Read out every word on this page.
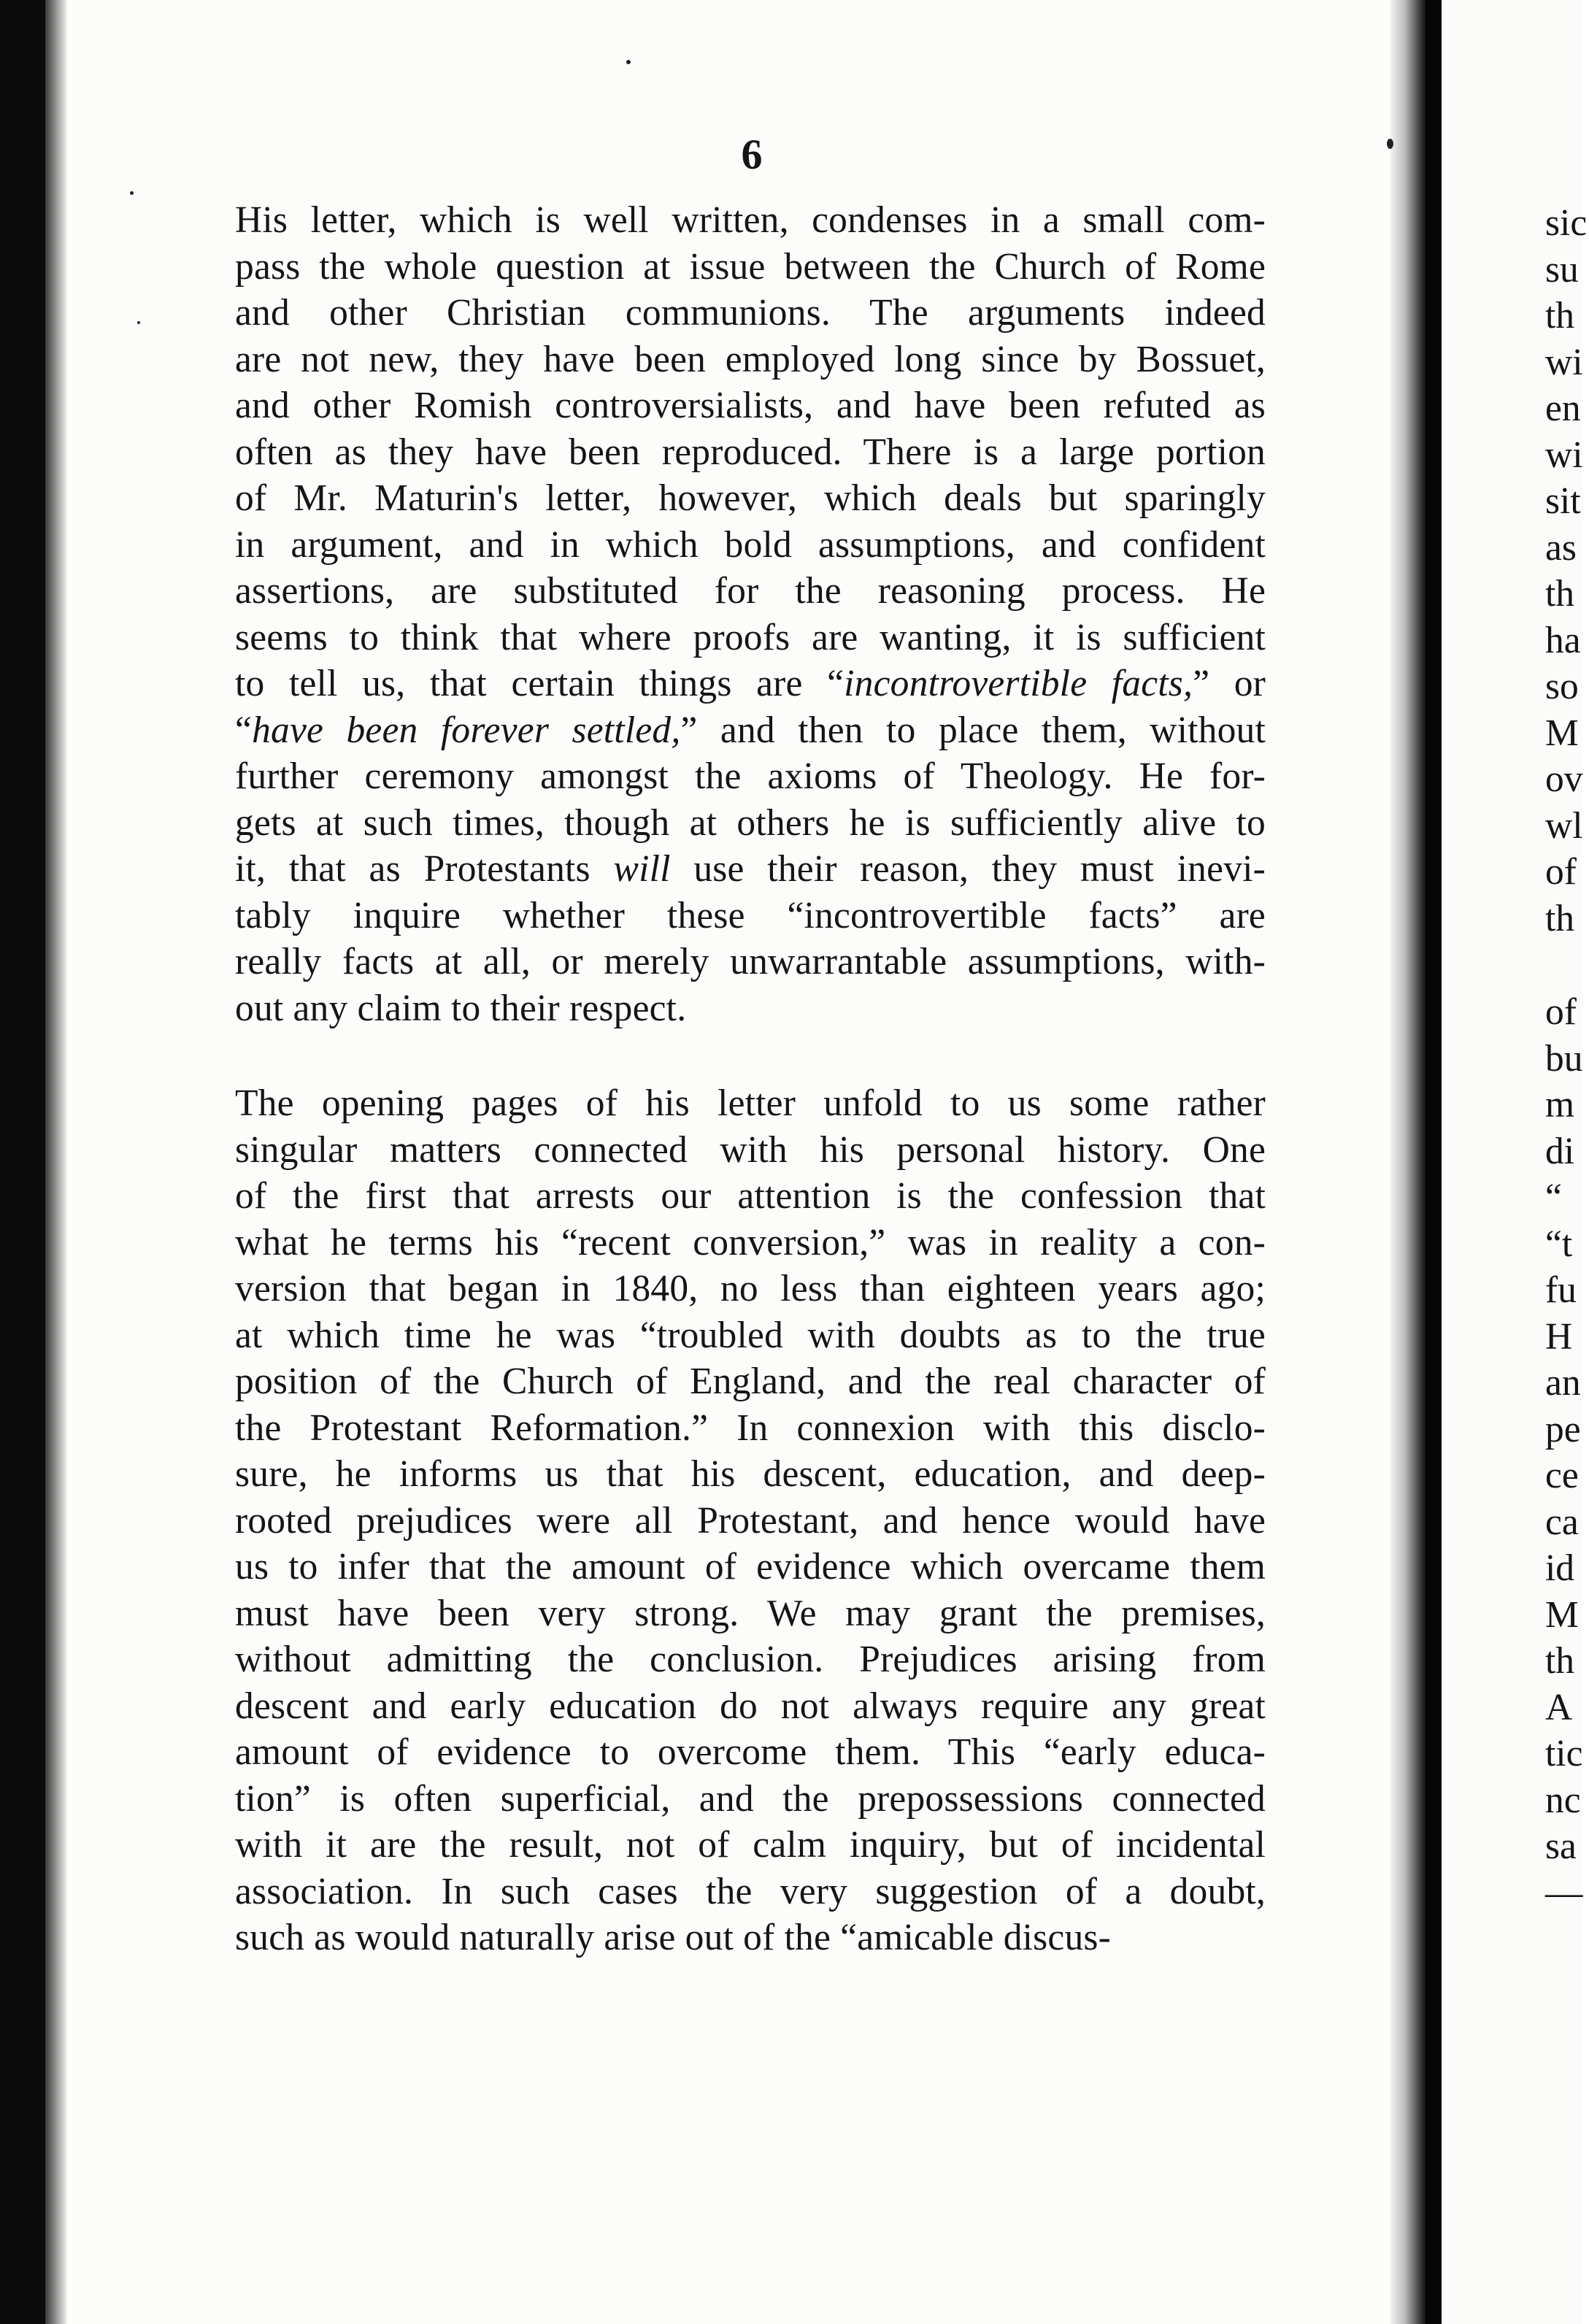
6
His letter, which is well written, condenses in a small com-
pass the whole question at issue between the Church of Rome
and other Christian communions. The arguments indeed
are not new, they have been employed long since by Bossuet,
and other Romish controversialists, and have been refuted as
often as they have been reproduced. There is a large portion
of Mr. Maturin's letter, however, which deals but sparingly
in argument, and in which bold assumptions, and confident
assertions, are substituted for the reasoning process. He
seems to think that where proofs are wanting, it is sufficient
to tell us, that certain things are “incontrovertible facts,” or
“have been forever settled,” and then to place them, without
further ceremony amongst the axioms of Theology. He for-
gets at such times, though at others he is sufficiently alive to
it, that as Protestants will use their reason, they must inevi-
tably inquire whether these “incontrovertible facts” are
really facts at all, or merely unwarrantable assumptions, with-
out any claim to their respect.
The opening pages of his letter unfold to us some rather
singular matters connected with his personal history. One
of the first that arrests our attention is the confession that
what he terms his “recent conversion,” was in reality a con-
version that began in 1840, no less than eighteen years ago;
at which time he was “troubled with doubts as to the true
position of the Church of England, and the real character of
the Protestant Reformation.” In connexion with this disclo-
sure, he informs us that his descent, education, and deep-
rooted prejudices were all Protestant, and hence would have
us to infer that the amount of evidence which overcame them
must have been very strong. We may grant the premises,
without admitting the conclusion. Prejudices arising from
descent and early education do not always require any great
amount of evidence to overcome them. This “early educa-
tion” is often superficial, and the prepossessions connected
with it are the result, not of calm inquiry, but of incidental
association. In such cases the very suggestion of a doubt,
such as would naturally arise out of the “amicable discus-
sic
su
th
wi
en
wi
sit
as
th
ha
so
M
ov
wl
of
th
of
bu
m
di
“
“t
fu
H
an
pe
ce
ca
id
M
th
A
tic
nc
sa
—
